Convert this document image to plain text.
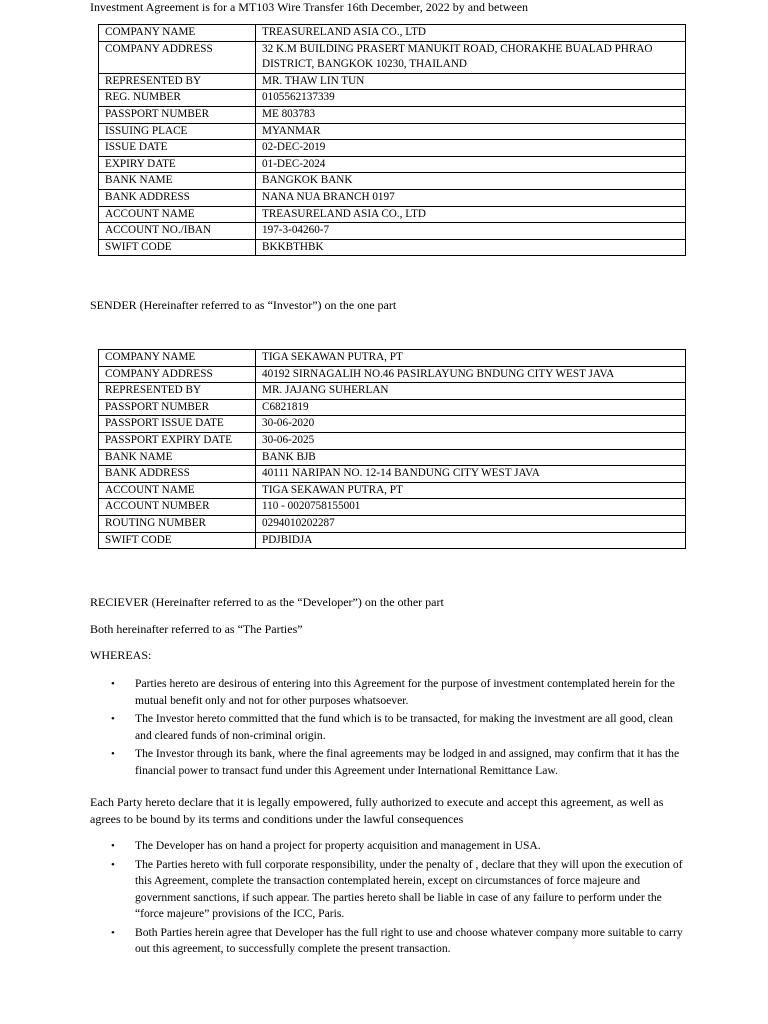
Investment Agreement is for a MT103 Wire Transfer 16th December, 2022 by and between
COMPANY NAME	TREASURELAND ASIA CO., LTD
COMPANY ADDRESS	32 K.M BUILDING PRASERT MANUKIT ROAD, CHORAKHE BUALAD PHRAO DISTRICT, BANGKOK 10230, THAILAND
REPRESENTED BY	MR. THAW LIN TUN
REG. NUMBER	0105562137339
PASSPORT NUMBER	ME 803783
ISSUING PLACE	MYANMAR
ISSUE DATE	02-DEC-2019
EXPIRY DATE	01-DEC-2024
BANK NAME	BANGKOK BANK
BANK ADDRESS	NANA NUA BRANCH 0197
ACCOUNT NAME	TREASURELAND ASIA CO., LTD
ACCOUNT NO./IBAN	197-3-04260-7
SWIFT CODE	BKKBTHBK
SENDER (Hereinafter referred to as “Investor”) on the one part
COMPANY NAME	TIGA SEKAWAN PUTRA, PT
COMPANY ADDRESS	40192 SIRNAGALIH NO.46 PASIRLAYUNG BNDUNG CITY WEST JAVA
REPRESENTED BY	MR. JAJANG SUHERLAN
PASSPORT NUMBER	C6821819
PASSPORT ISSUE DATE	30-06-2020
PASSPORT EXPIRY DATE	30-06-2025
BANK NAME	BANK BJB
BANK ADDRESS	40111 NARIPAN NO. 12-14 BANDUNG CITY WEST JAVA
ACCOUNT NAME	TIGA SEKAWAN PUTRA, PT
ACCOUNT NUMBER	110 - 0020758155001
ROUTING NUMBER	0294010202287
SWIFT CODE	PDJBIDJA
RECIEVER (Hereinafter referred to as the “Developer”) on the other part
Both hereinafter referred to as “The Parties”
WHEREAS:
• Parties hereto are desirous of entering into this Agreement for the purpose of investment contemplated herein for the mutual benefit only and not for other purposes whatsoever.
• The Investor hereto committed that the fund which is to be transacted, for making the investment are all good, clean and cleared funds of non-criminal origin.
• The Investor through its bank, where the final agreements may be lodged in and assigned, may confirm that it has the financial power to transact fund under this Agreement under International Remittance Law.
Each Party hereto declare that it is legally empowered, fully authorized to execute and accept this agreement, as well as agrees to be bound by its terms and conditions under the lawful consequences
• The Developer has on hand a project for property acquisition and management in USA.
• The Parties hereto with full corporate responsibility, under the penalty of , declare that they will upon the execution of this Agreement, complete the transaction contemplated herein, except on circumstances of force majeure and government sanctions, if such appear. The parties hereto shall be liable in case of any failure to perform under the “force majeure” provisions of the ICC, Paris.
• Both Parties herein agree that Developer has the full right to use and choose whatever company more suitable to carry out this agreement, to successfully complete the present transaction.
